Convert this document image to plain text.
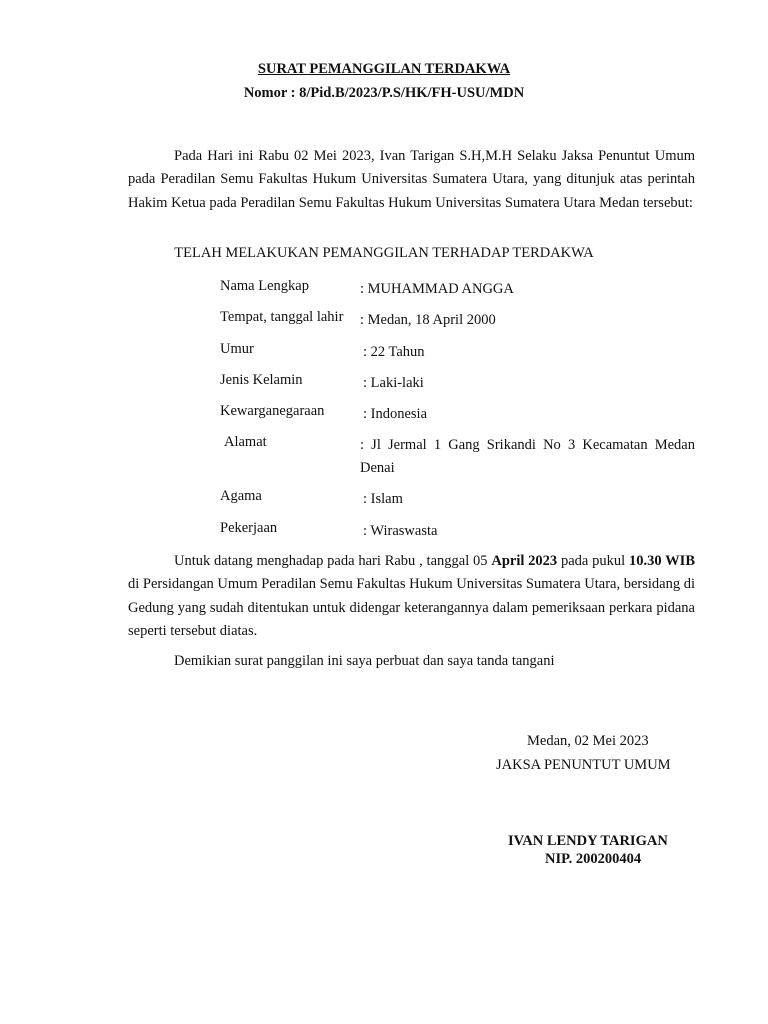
SURAT PEMANGGILAN TERDAKWA
Nomor : 8/Pid.B/2023/P.S/HK/FH-USU/MDN

Pada Hari ini Rabu 02 Mei 2023, Ivan Tarigan S.H,M.H Selaku Jaksa Penuntut Umum pada Peradilan Semu Fakultas Hukum Universitas Sumatera Utara, yang ditunjuk atas perintah Hakim Ketua pada Peradilan Semu Fakultas Hukum Universitas Sumatera Utara Medan tersebut:

TELAH MELAKUKAN PEMANGGILAN TERHADAP TERDAKWA
Nama Lengkap	: MUHAMMAD ANGGA
Tempat, tanggal lahir : Medan, 18 April 2000
Umur	: 22 Tahun
Jenis Kelamin	: Laki-laki
Kewarganegaraan	: Indonesia
Alamat	: Jl Jermal 1 Gang Srikandi No 3 Kecamatan Medan Denai
Agama	: Islam
Pekerjaan	: Wiraswasta

Untuk datang menghadap pada hari Rabu , tanggal 05 April 2023 pada pukul 10.30 WIB di Persidangan Umum Peradilan Semu Fakultas Hukum Universitas Sumatera Utara, bersidang di Gedung yang sudah ditentukan untuk didengar keterangannya dalam pemeriksaan perkara pidana seperti tersebut diatas.

Demikian surat panggilan ini saya perbuat dan saya tanda tangani

Medan, 02 Mei 2023
JAKSA PENUNTUT UMUM
IVAN LENDY TARIGAN
NIP. 200200404
